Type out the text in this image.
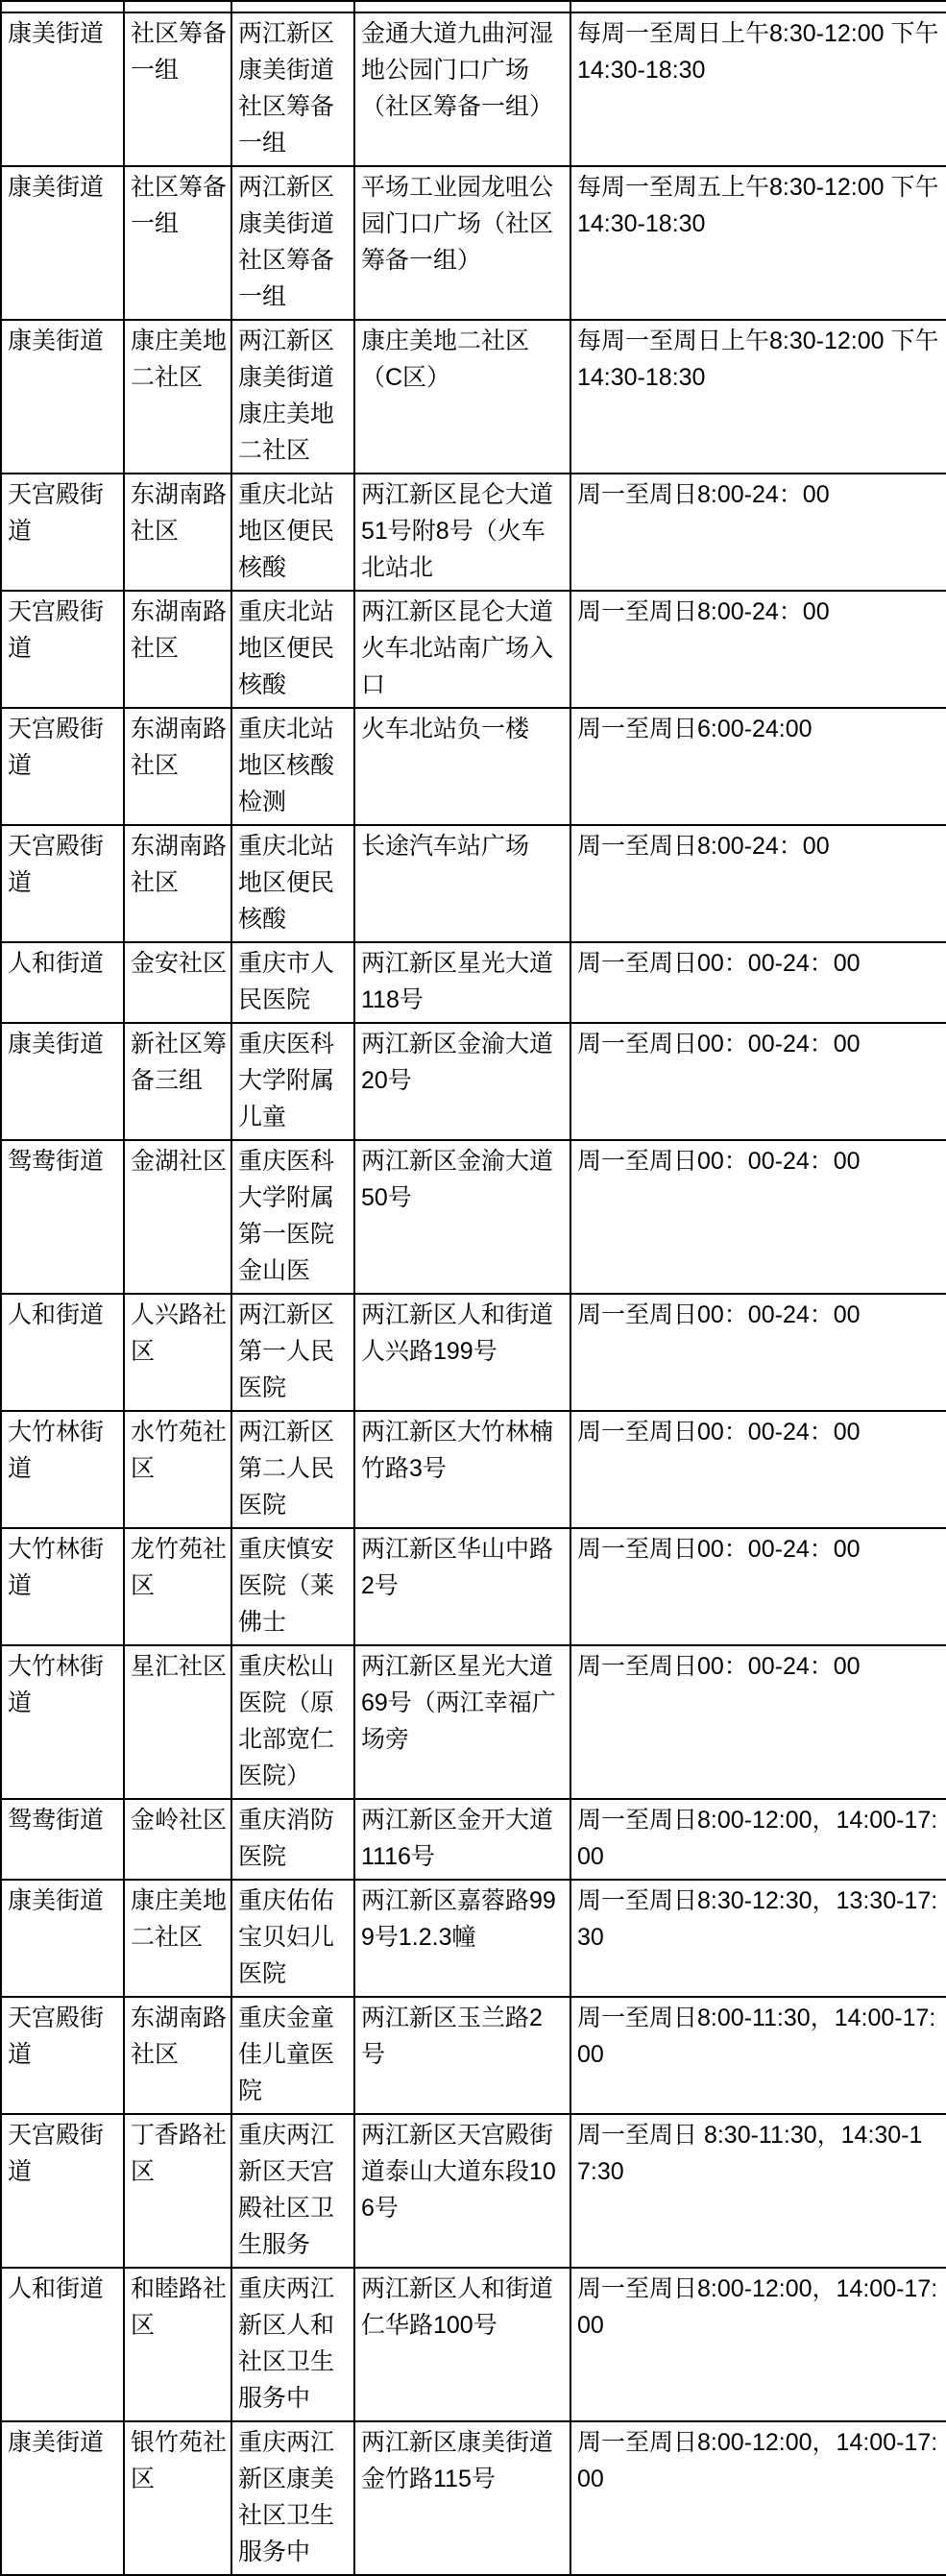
康美街道	社区筹备一组	两江新区康美街道社区筹备一组	金通大道九曲河湿地公园门口广场（社区筹备一组）	每周一至周日上午8:30-12:00 下午14:30-18:30
康美街道	社区筹备一组	两江新区康美街道社区筹备一组	平场工业园龙咀公园门口广场（社区筹备一组）	每周一至周五上午8:30-12:00 下午14:30-18:30
康美街道	康庄美地二社区	两江新区康美街道康庄美地二社区	康庄美地二社区（C区）	每周一至周日上午8:30-12:00 下午14:30-18:30
天宫殿街道	东湖南路社区	重庆北站地区便民核酸	两江新区昆仑大道51号附8号（火车北站北	周一至周日8:00-24：00
天宫殿街道	东湖南路社区	重庆北站地区便民核酸	两江新区昆仑大道火车北站南广场入口	周一至周日8:00-24：00
天宫殿街道	东湖南路社区	重庆北站地区核酸检测	火车北站负一楼	周一至周日6:00-24:00
天宫殿街道	东湖南路社区	重庆北站地区便民核酸	长途汽车站广场	周一至周日8:00-24：00
人和街道	金安社区	重庆市人民医院	两江新区星光大道118号	周一至周日00：00-24：00
康美街道	新社区筹备三组	重庆医科大学附属儿童	两江新区金渝大道20号	周一至周日00：00-24：00
鸳鸯街道	金湖社区	重庆医科大学附属第一医院金山医	两江新区金渝大道50号	周一至周日00：00-24：00
人和街道	人兴路社区	两江新区第一人民医院	两江新区人和街道人兴路199号	周一至周日00：00-24：00
大竹林街道	水竹苑社区	两江新区第二人民医院	两江新区大竹林楠竹路3号	周一至周日00：00-24：00
大竹林街道	龙竹苑社区	重庆慎安医院（莱佛士	两江新区华山中路2号	周一至周日00：00-24：00
大竹林街道	星汇社区	重庆松山医院（原北部宽仁医院）	两江新区星光大道69号（两江幸福广场旁	周一至周日00：00-24：00
鸳鸯街道	金岭社区	重庆消防医院	两江新区金开大道1116号	周一至周日8:00-12:00，14:00-17:00
康美街道	康庄美地二社区	重庆佑佑宝贝妇儿医院	两江新区嘉蓉路999号1.2.3幢	周一至周日8:30-12:30，13:30-17:30
天宫殿街道	东湖南路社区	重庆金童佳儿童医院	两江新区玉兰路2号	周一至周日8:00-11:30，14:00-17:00
天宫殿街道	丁香路社区	重庆两江新区天宫殿社区卫生服务	两江新区天宫殿街道泰山大道东段106号	周一至周日 8:30-11:30，14:30-17:30
人和街道	和睦路社区	重庆两江新区人和社区卫生服务中	两江新区人和街道仁华路100号	周一至周日8:00-12:00，14:00-17:00
康美街道	银竹苑社区	重庆两江新区康美社区卫生服务中	两江新区康美街道金竹路115号	周一至周日8:00-12:00，14:00-17:00
